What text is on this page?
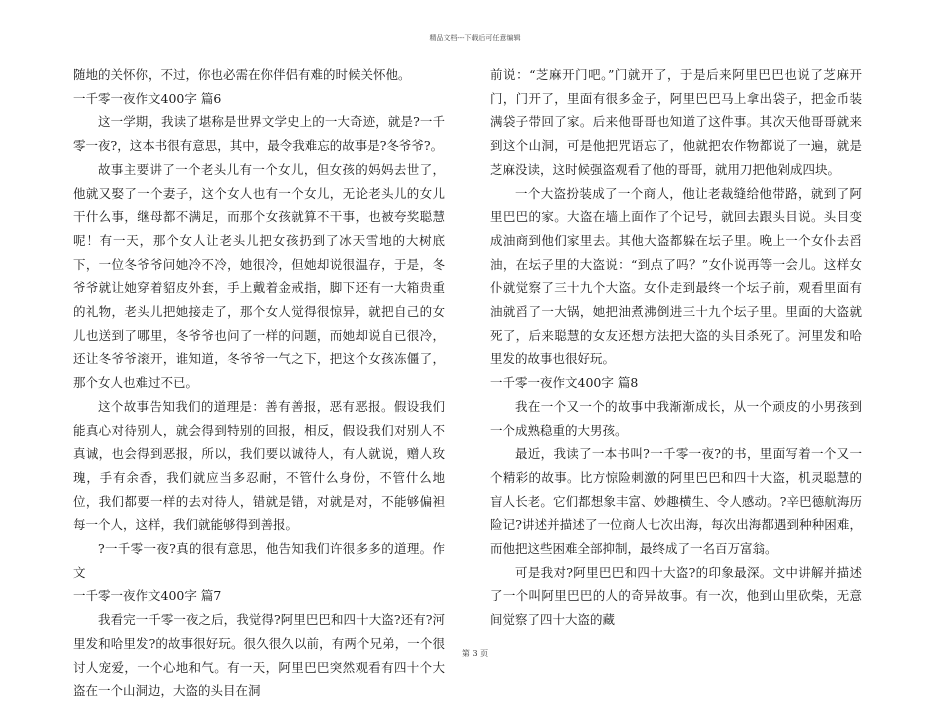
精品文档---下载后可任意编辑

随地的关怀你，不过，你也必需在你伴侣有难的时候关怀他。

一千零一夜作文400字 篇6

这一学期，我读了堪称是世界文学史上的一大奇迹，就是?一千零一夜?，这本书很有意思，其中，最令我难忘的故事是?冬爷爷?。

故事主要讲了一个老头儿有一个女儿，但女孩的妈妈去世了，他就又娶了一个妻子，这个女人也有一个女儿，无论老头儿的女儿干什么事，继母都不满足，而那个女孩就算不干事，也被夸奖聪慧呢！有一天，那个女人让老头儿把女孩扔到了冰天雪地的大树底下，一位冬爷爷问她冷不冷，她很冷，但她却说很温存，于是，冬爷爷就让她穿着貂皮外套，手上戴着金戒指，脚下还有一大箱贵重的礼物，老头儿把她接走了，那个女人觉得很惊异，就把自己的女儿也送到了哪里，冬爷爷也问了一样的问题，而她却说自已很冷，还让冬爷爷滚开，谁知道，冬爷爷一气之下，把这个女孩冻僵了，那个女人也难过不已。

这个故事告知我们的道理是：善有善报，恶有恶报。假设我们能真心对待别人，就会得到特别的回报，相反，假设我们对别人不真诚，也会得到恶报，所以，我们要以诚待人，有人就说，赠人玫瑰，手有余香，我们就应当多忍耐，不管什么身份，不管什么地位，我们都要一样的去对待人，错就是错，对就是对，不能够偏袒每一个人，这样，我们就能够得到善报。

?一千零一夜?真的很有意思，他告知我们许很多多的道理。作文

一千零一夜作文400字 篇7

我看完一千零一夜之后，我觉得?阿里巴巴和四十大盗?还有?河里发和哈里发?的故事很好玩。很久很久以前，有两个兄弟，一个很讨人宠爱，一个心地和气。有一天，阿里巴巴突然观看有四十个大盗在一个山洞边，大盗的头目在洞

前说：“芝麻开门吧。”门就开了，于是后来阿里巴巴也说了芝麻开门，门开了，里面有很多金子，阿里巴巴马上拿出袋子，把金币装满袋子带回了家。后来他哥哥也知道了这件事。其次天他哥哥就来到这个山洞，可是他把咒语忘了，他就把农作物都说了一遍，就是芝麻没读，这时候强盗观看了他的哥哥，就用刀把他剁成四块。

一个大盗扮装成了一个商人，他让老裁缝给他带路，就到了阿里巴巴的家。大盗在墙上面作了个记号，就回去跟头目说。头目变成油商到他们家里去。其他大盗都躲在坛子里。晚上一个女仆去舀油，在坛子里的大盗说：“到点了吗？”女仆说再等一会儿。这样女仆就觉察了三十九个大盗。女仆走到最终一个坛子前，观看里面有油就舀了一大锅，她把油煮沸倒进三十九个坛子里。里面的大盗就死了，后来聪慧的女友还想方法把大盗的头目杀死了。河里发和哈里发的故事也很好玩。

一千零一夜作文400字 篇8

我在一个又一个的故事中我渐渐成长，从一个顽皮的小男孩到一个成熟稳重的大男孩。

最近，我读了一本书叫?一千零一夜?的书，里面写着一个又一个精彩的故事。比方惊险刺激的阿里巴巴和四十大盗，机灵聪慧的盲人长老。它们都想象丰富、妙趣横生、令人感动。?辛巴德航海历险记?讲述并描述了一位商人七次出海，每次出海都遇到种种困难，而他把这些困难全部抑制，最终成了一名百万富翁。

可是我对?阿里巴巴和四十大盗?的印象最深。文中讲解并描述了一个叫阿里巴巴的人的奇异故事。有一次，他到山里砍柴，无意间觉察了四十大盗的藏

第 3 页
